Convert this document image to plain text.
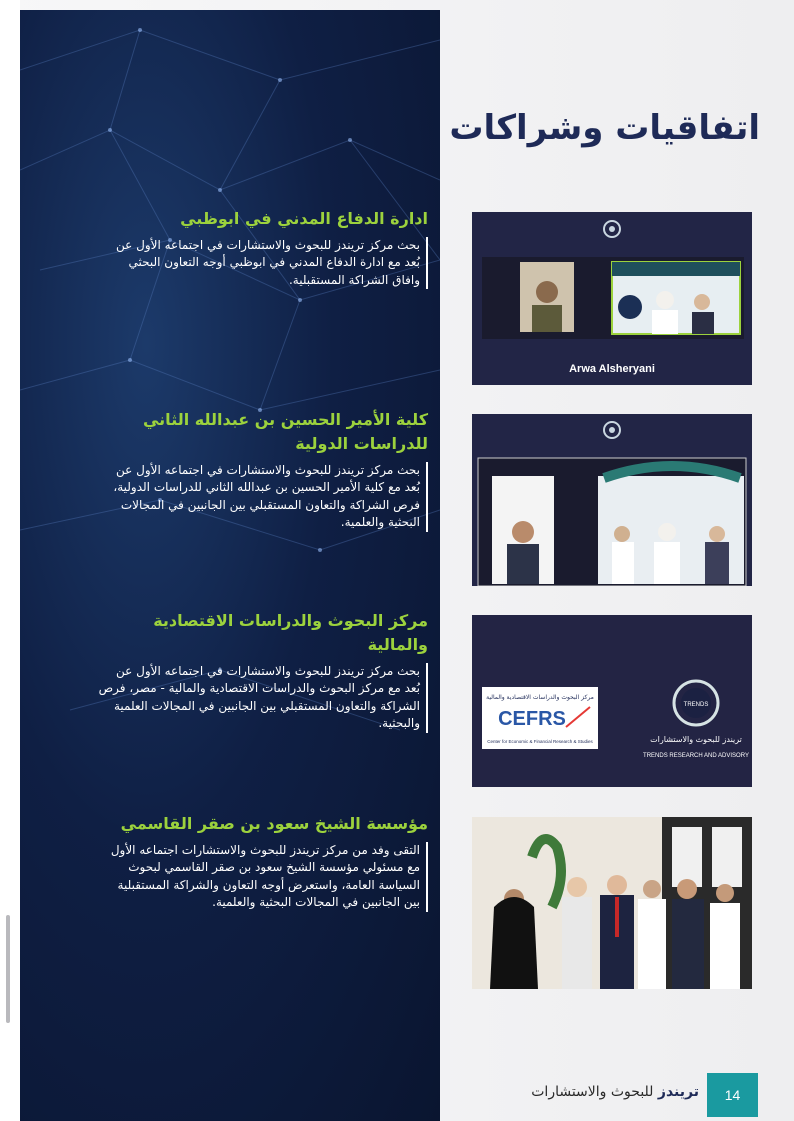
اتفاقيات وشراكات
ادارة الدفاع المدني في ابوظبي

بحث مركز تريندز للبحوث والاستشارات في اجتماعه الأول عن بُعد مع ادارة الدفاع المدني في ابوظبي أوجه التعاون البحثي وافاق الشراكة المستقبلية.

كلية الأمير الحسين بن عبدالله الثاني للدراسات الدولية

بحث مركز تريندز للبحوث والاستشارات في اجتماعه الأول عن بُعد مع كلية الأمير الحسين بن عبدالله الثاني للدراسات الدولية، فرص الشراكة والتعاون المستقبلي بين الجانبين في المجالات البحثية والعلمية.

مركز البحوث والدراسات الاقتصادية والمالية

بحث مركز تريندز للبحوث والاستشارات في اجتماعه الأول عن بُعد مع مركز البحوث والدراسات الاقتصادية والمالية - مصر، فرص الشراكة والتعاون المستقبلي بين الجانبين في المجالات العلمية والبحثية.

مؤسسة الشيخ سعود بن صقر القاسمي

التقى وفد من مركز تريندز للبحوث والاستشارات اجتماعه الأول مع مسئولي مؤسسة الشيخ سعود بن صقر القاسمي لبحوث السياسة العامة، واستعرض أوجه التعاون والشراكة المستقبلية بين الجانبين في المجالات البحثية والعلمية.

Arwa Alsheryani
مركز البحوث والدراسات الاقتصادية والمالية
CEFRS
Center for Economic & Financial Research & Studies
TRENDS
تريندز للبحوث والاستشارات
TRENDS RESEARCH AND ADVISORY
تريندز للبحوث والاستشارات	14
